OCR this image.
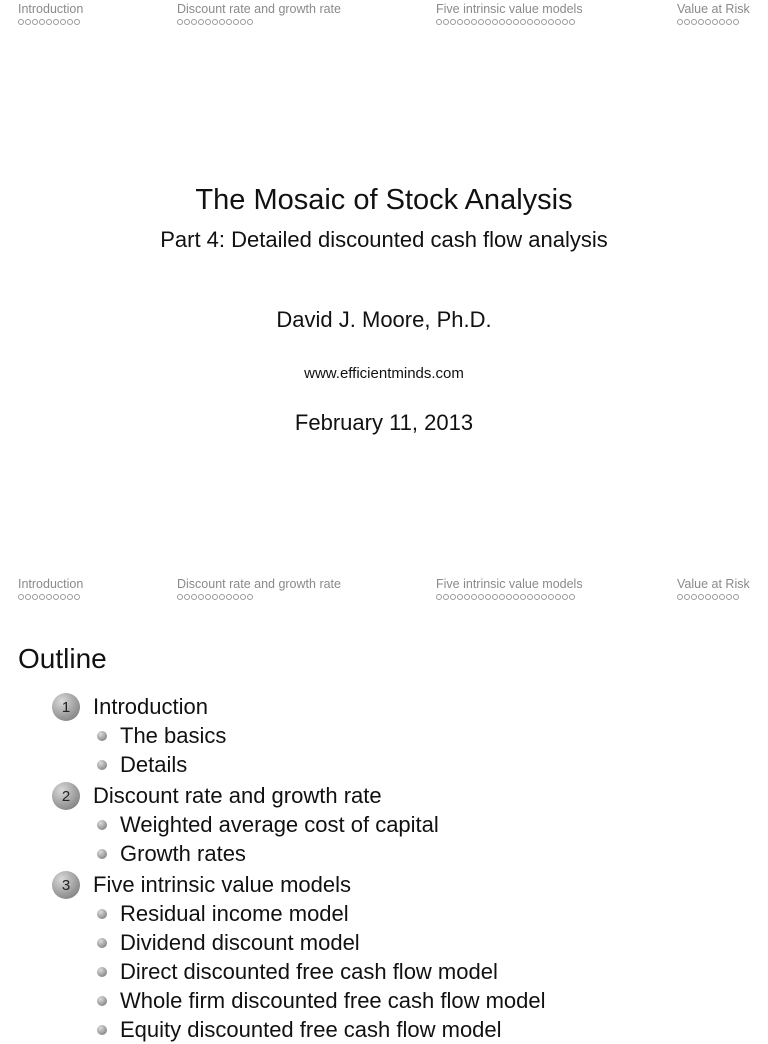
Introduction	Discount rate and growth rate	Five intrinsic value models	Value at Risk
The Mosaic of Stock Analysis
Part 4: Detailed discounted cash flow analysis
David J. Moore, Ph.D.
www.efficientminds.com
February 11, 2013
Introduction	Discount rate and growth rate	Five intrinsic value models	Value at Risk
Outline
1	Introduction
The basics
Details
2	Discount rate and growth rate
Weighted average cost of capital
Growth rates
3	Five intrinsic value models
Residual income model
Dividend discount model
Direct discounted free cash flow model
Whole firm discounted free cash flow model
Equity discounted free cash flow model
